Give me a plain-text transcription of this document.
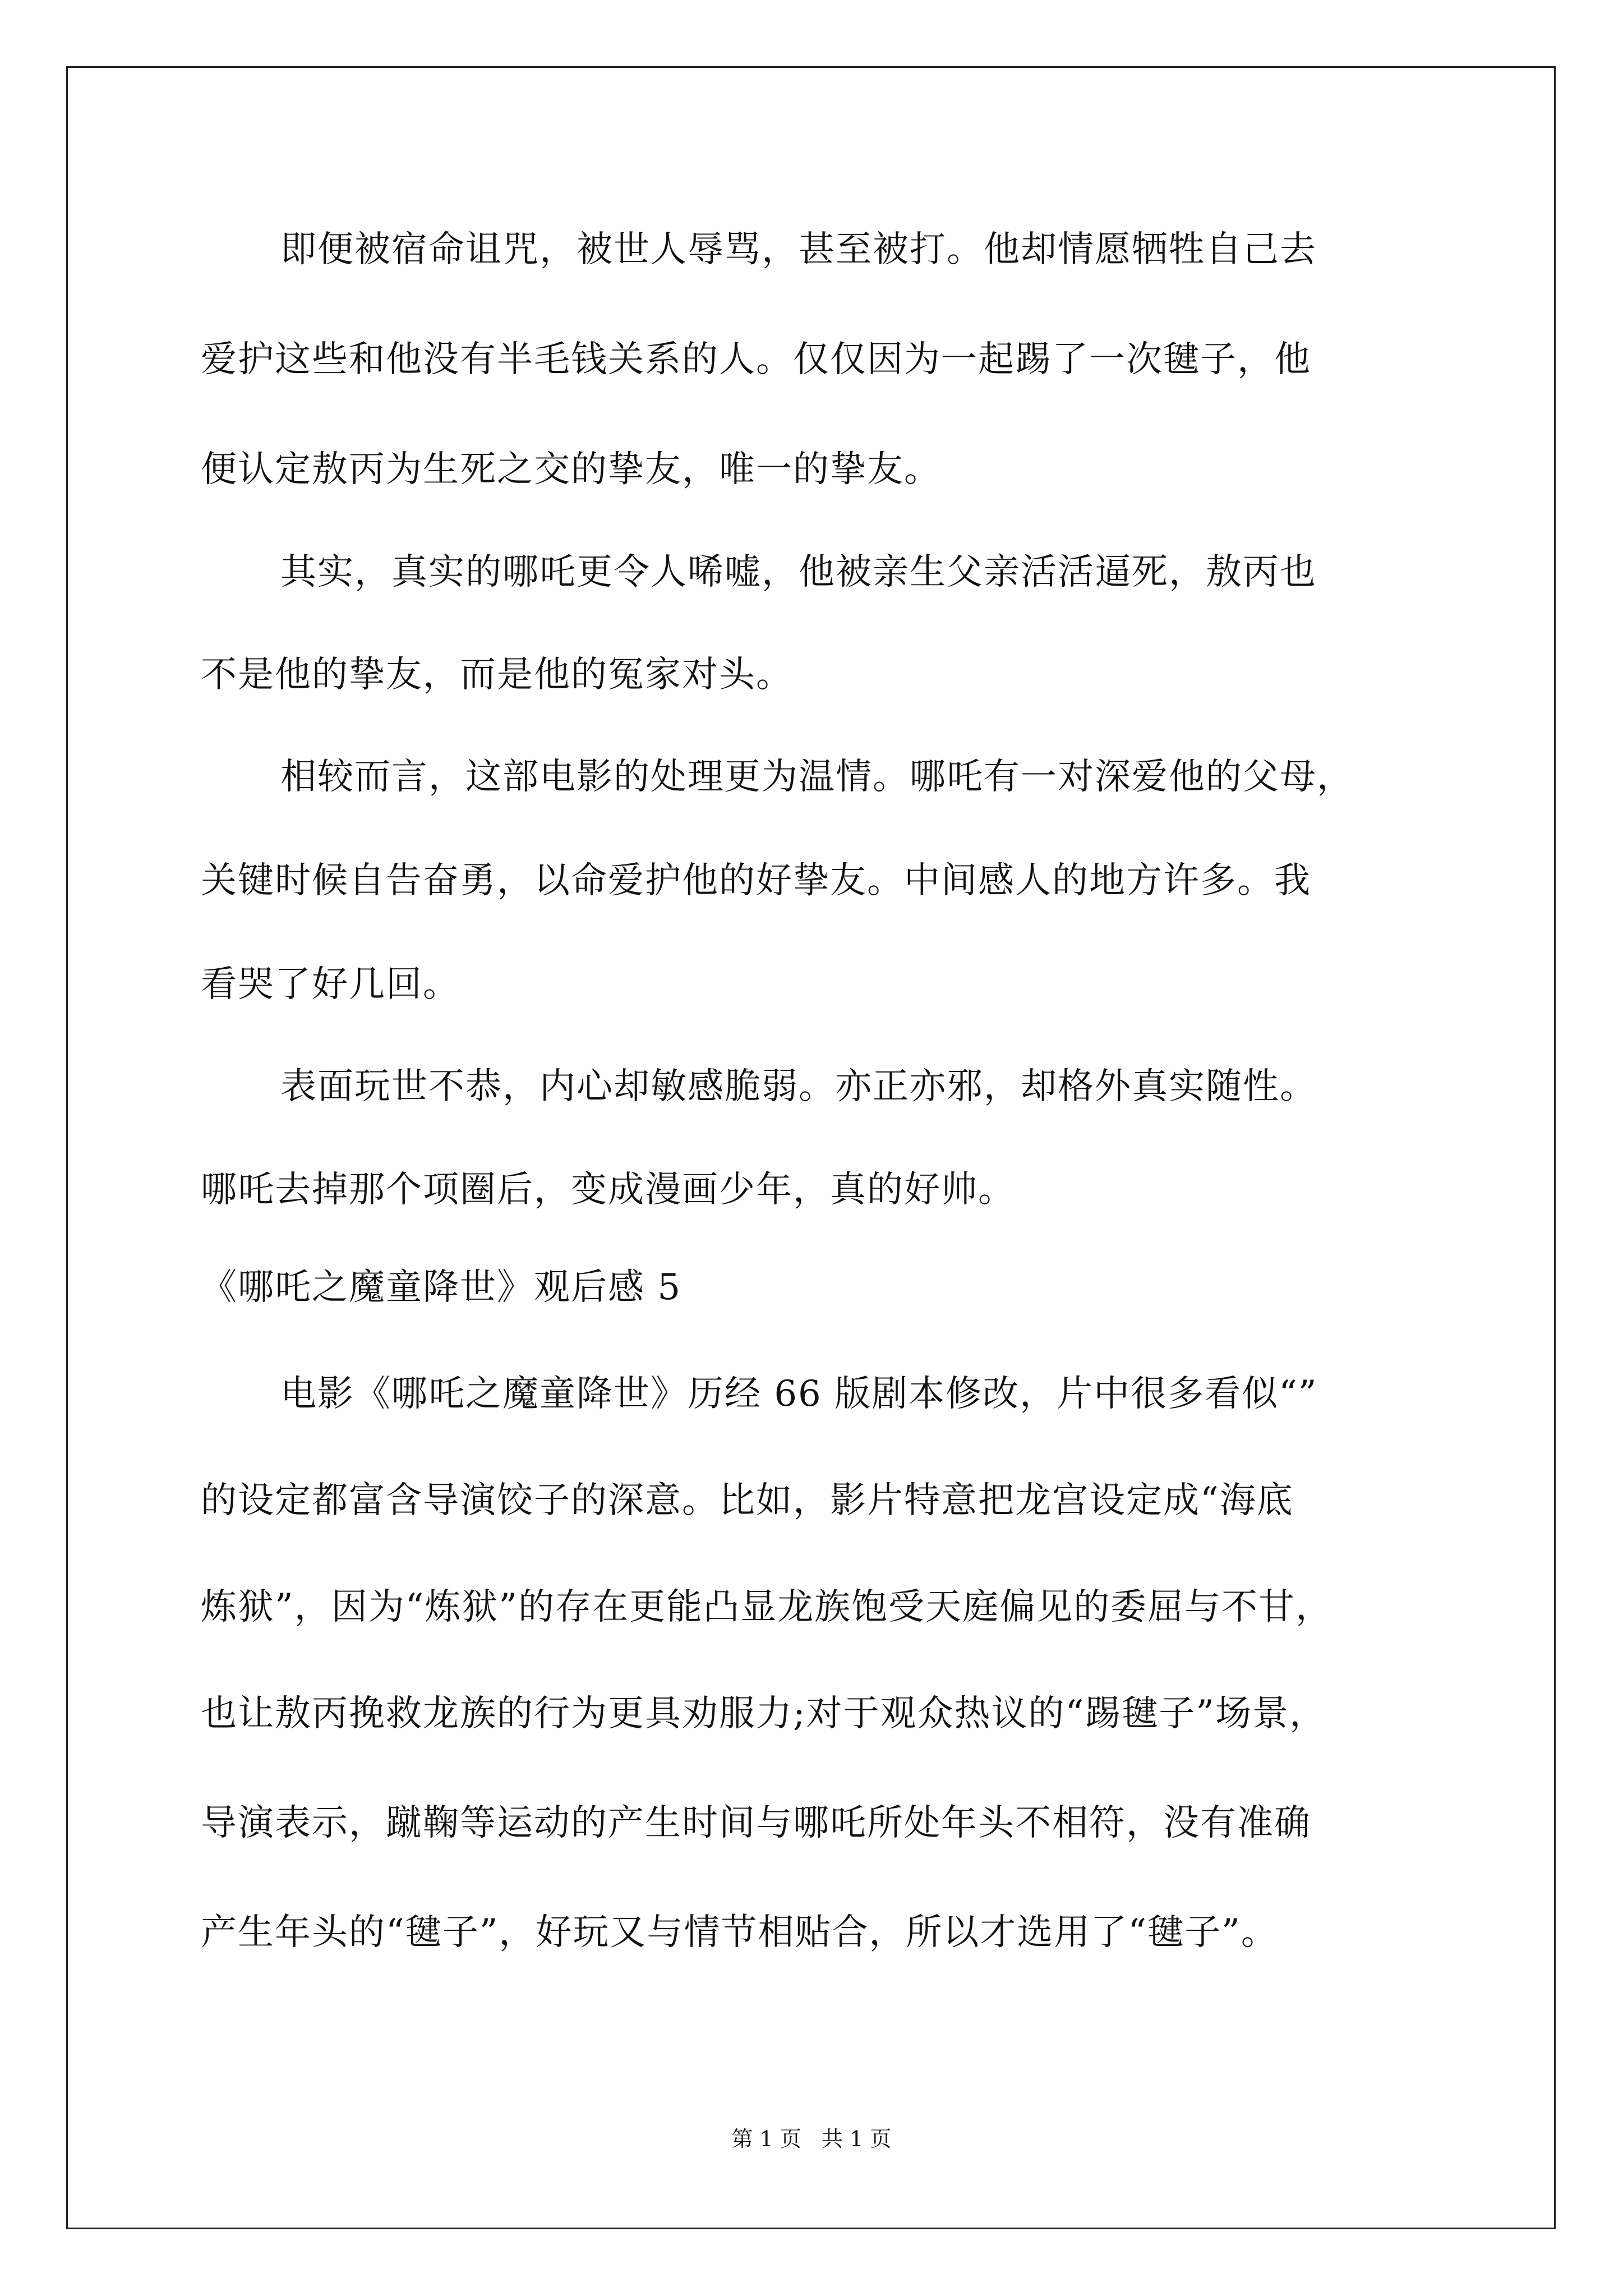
即便被宿命诅咒，被世人辱骂，甚至被打。他却情愿牺牲自己去
爱护这些和他没有半毛钱关系的人。仅仅因为一起踢了一次毽子，他
便认定敖丙为生死之交的挚友，唯一的挚友。
其实，真实的哪吒更令人唏嘘，他被亲生父亲活活逼死，敖丙也
不是他的挚友，而是他的冤家对头。
相较而言，这部电影的处理更为温情。哪吒有一对深爱他的父母，
关键时候自告奋勇，以命爱护他的好挚友。中间感人的地方许多。我
看哭了好几回。
表面玩世不恭，内心却敏感脆弱。亦正亦邪，却格外真实随性。
哪吒去掉那个项圈后，变成漫画少年，真的好帅。
《哪吒之魔童降世》观后感 5
电影《哪吒之魔童降世》历经 66 版剧本修改，片中很多看似“”
的设定都富含导演饺子的深意。比如，影片特意把龙宫设定成“海底
炼狱”，因为“炼狱”的存在更能凸显龙族饱受天庭偏见的委屈与不甘，
也让敖丙挽救龙族的行为更具劝服力;对于观众热议的“踢毽子”场景，
导演表示，蹴鞠等运动的产生时间与哪吒所处年头不相符，没有准确
产生年头的“毽子”，好玩又与情节相贴合，所以才选用了“毽子”。
第 1 页   共 1 页
